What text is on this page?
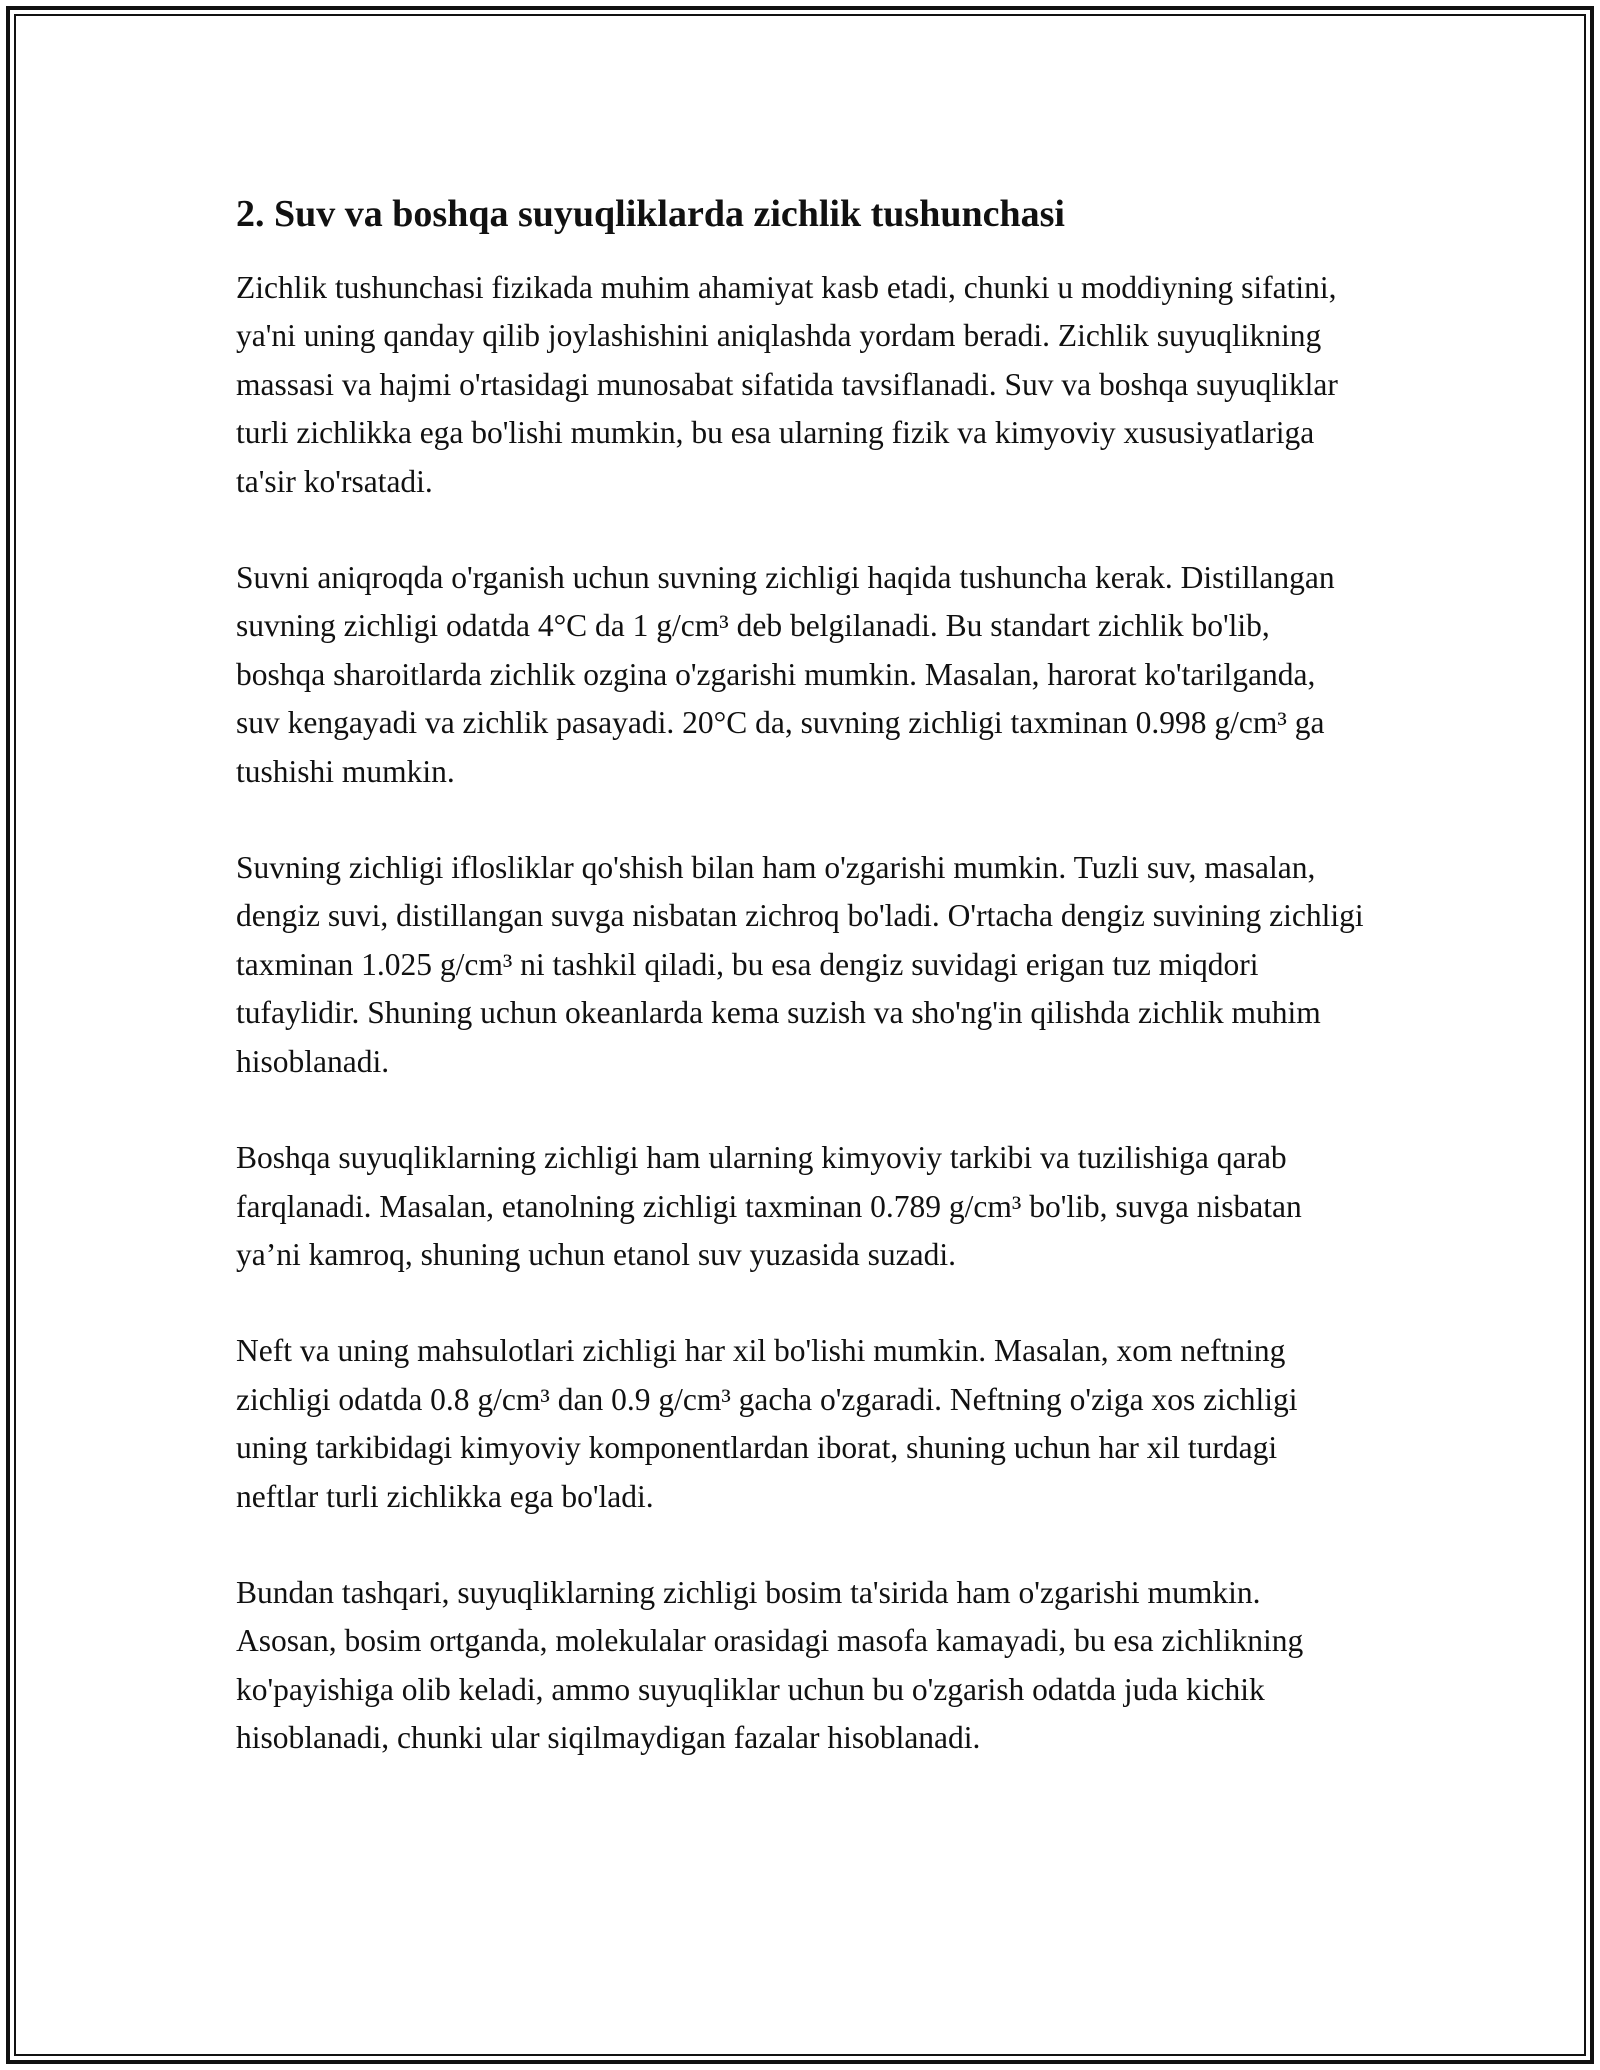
2. Suv va boshqa suyuqliklarda zichlik tushunchasi

Zichlik tushunchasi fizikada muhim ahamiyat kasb etadi, chunki u moddiyning sifatini, ya'ni uning qanday qilib joylashishini aniqlashda yordam beradi. Zichlik suyuqlikning massasi va hajmi o'rtasidagi munosabat sifatida tavsiflanadi. Suv va boshqa suyuqliklar turli zichlikka ega bo'lishi mumkin, bu esa ularning fizik va kimyoviy xususiyatlariga ta'sir ko'rsatadi.

Suvni aniqroqda o'rganish uchun suvning zichligi haqida tushuncha kerak. Distillangan suvning zichligi odatda 4°C da 1 g/cm³ deb belgilanadi. Bu standart zichlik bo'lib, boshqa sharoitlarda zichlik ozgina o'zgarishi mumkin. Masalan, harorat ko'tarilganda, suv kengayadi va zichlik pasayadi. 20°C da, suvning zichligi taxminan 0.998 g/cm³ ga tushishi mumkin.

Suvning zichligi iflosliklar qo'shish bilan ham o'zgarishi mumkin. Tuzli suv, masalan, dengiz suvi, distillangan suvga nisbatan zichroq bo'ladi. O'rtacha dengiz suvining zichligi taxminan 1.025 g/cm³ ni tashkil qiladi, bu esa dengiz suvidagi erigan tuz miqdori tufaylidir. Shuning uchun okeanlarda kema suzish va sho'ng'in qilishda zichlik muhim hisoblanadi.

Boshqa suyuqliklarning zichligi ham ularning kimyoviy tarkibi va tuzilishiga qarab farqlanadi. Masalan, etanolning zichligi taxminan 0.789 g/cm³ bo'lib, suvga nisbatan ya’ni kamroq, shuning uchun etanol suv yuzasida suzadi.

Neft va uning mahsulotlari zichligi har xil bo'lishi mumkin. Masalan, xom neftning zichligi odatda 0.8 g/cm³ dan 0.9 g/cm³ gacha o'zgaradi. Neftning o'ziga xos zichligi uning tarkibidagi kimyoviy komponentlardan iborat, shuning uchun har xil turdagi neftlar turli zichlikka ega bo'ladi.

Bundan tashqari, suyuqliklarning zichligi bosim ta'sirida ham o'zgarishi mumkin. Asosan, bosim ortganda, molekulalar orasidagi masofa kamayadi, bu esa zichlikning ko'payishiga olib keladi, ammo suyuqliklar uchun bu o'zgarish odatda juda kichik hisoblanadi, chunki ular siqilmaydigan fazalar hisoblanadi.
